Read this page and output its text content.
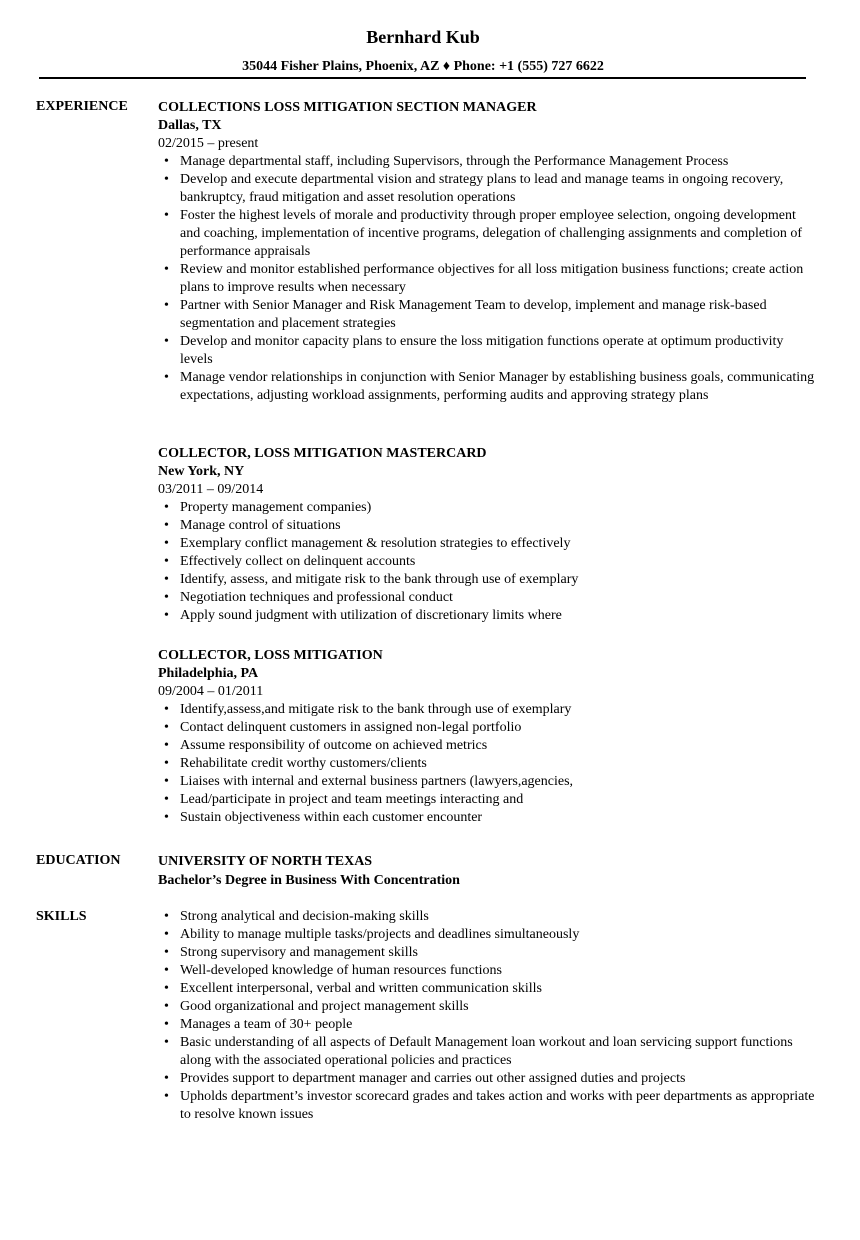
Bernhard Kub
35044 Fisher Plains, Phoenix, AZ ♦ Phone: +1 (555) 727 6622
EXPERIENCE COLLECTIONS LOSS MITIGATION SECTION MANAGER
Dallas, TX
02/2015 – present
• Manage departmental staff, including Supervisors, through the Performance Management Process
• Develop and execute departmental vision and strategy plans to lead and manage teams in ongoing recovery, bankruptcy, fraud mitigation and asset resolution operations
• Foster the highest levels of morale and productivity through proper employee selection, ongoing development and coaching, implementation of incentive programs, delegation of challenging assignments and completion of performance appraisals
• Review and monitor established performance objectives for all loss mitigation business functions; create action plans to improve results when necessary
• Partner with Senior Manager and Risk Management Team to develop, implement and manage risk-based segmentation and placement strategies
• Develop and monitor capacity plans to ensure the loss mitigation functions operate at optimum productivity levels
• Manage vendor relationships in conjunction with Senior Manager by establishing business goals, communicating expectations, adjusting workload assignments, performing audits and approving strategy plans
COLLECTOR, LOSS MITIGATION MASTERCARD
New York, NY
03/2011 – 09/2014
• Property management companies)
• Manage control of situations
• Exemplary conflict management & resolution strategies to effectively
• Effectively collect on delinquent accounts
• Identify, assess, and mitigate risk to the bank through use of exemplary
• Negotiation techniques and professional conduct
• Apply sound judgment with utilization of discretionary limits where
COLLECTOR, LOSS MITIGATION
Philadelphia, PA
09/2004 – 01/2011
• Identify,assess,and mitigate risk to the bank through use of exemplary
• Contact delinquent customers in assigned non-legal portfolio
• Assume responsibility of outcome on achieved metrics
• Rehabilitate credit worthy customers/clients
• Liaises with internal and external business partners (lawyers,agencies,
• Lead/participate in project and team meetings interacting and
• Sustain objectiveness within each customer encounter
EDUCATION	UNIVERSITY OF NORTH TEXAS
Bachelor’s Degree in Business With Concentration
SKILLS
•	Strong analytical and decision-making skills
• Ability to manage multiple tasks/projects and deadlines simultaneously
• Strong supervisory and management skills
• Well-developed knowledge of human resources functions
• Excellent interpersonal, verbal and written communication skills
• Good organizational and project management skills
• Manages a team of 30+ people
• Basic understanding of all aspects of Default Management loan workout and loan servicing support functions along with the associated operational policies and practices
• Provides support to department manager and carries out other assigned duties and projects
• Upholds department’s investor scorecard grades and takes action and works with peer departments as appropriate to resolve known issues
